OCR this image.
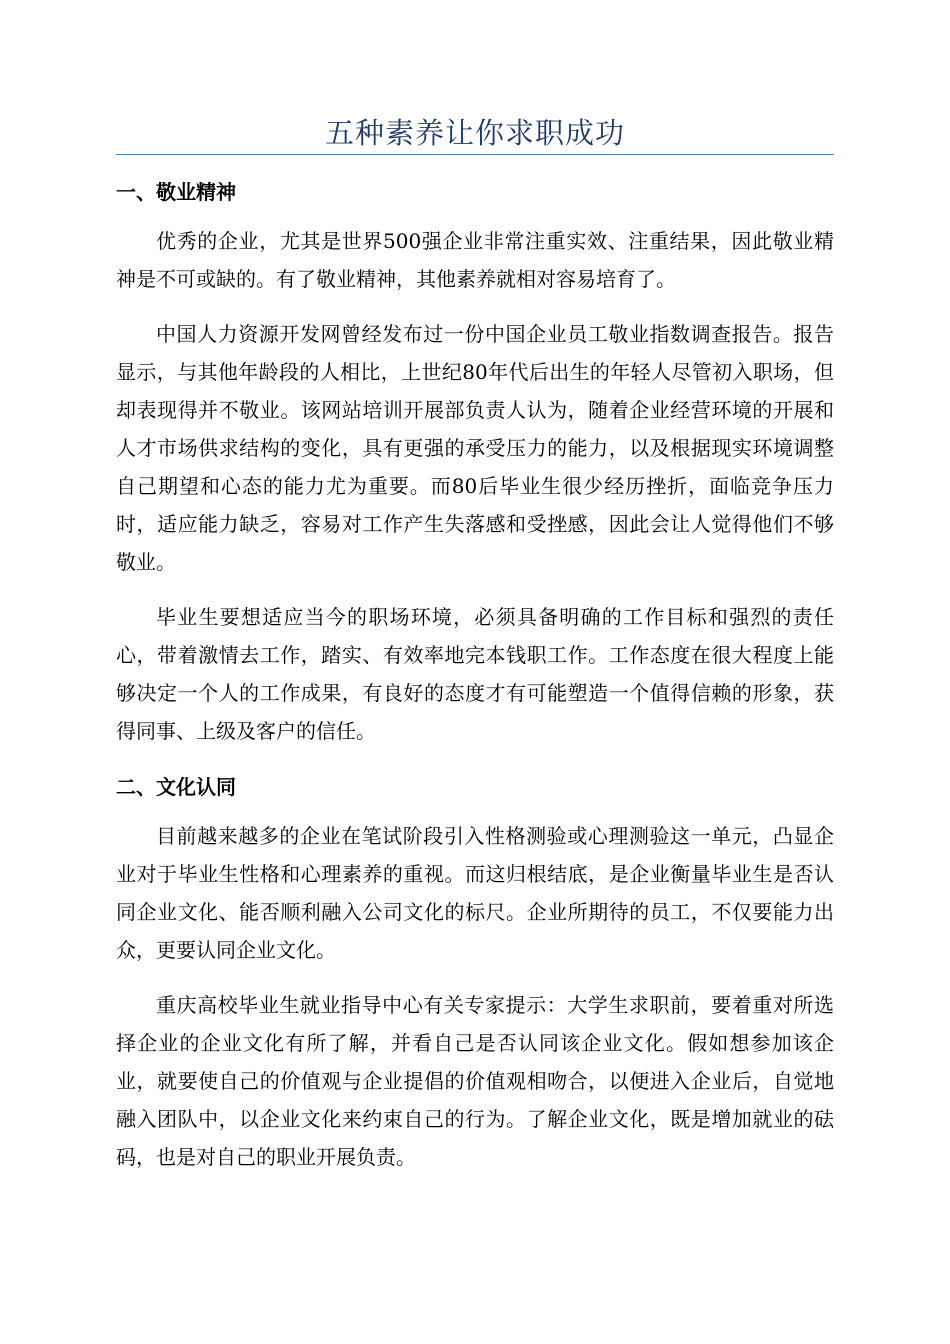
五种素养让你求职成功
一、敬业精神

优秀的企业，尤其是世界500强企业非常注重实效、注重结果，因此敬业精神是不可或缺的。有了敬业精神，其他素养就相对容易培育了。

中国人力资源开发网曾经发布过一份中国企业员工敬业指数调查报告。报告显示，与其他年龄段的人相比，上世纪80年代后出生的年轻人尽管初入职场，但却表现得并不敬业。该网站培训开展部负责人认为，随着企业经营环境的开展和人才市场供求结构的变化，具有更强的承受压力的能力，以及根据现实环境调整自己期望和心态的能力尤为重要。而80后毕业生很少经历挫折，面临竞争压力时，适应能力缺乏，容易对工作产生失落感和受挫感，因此会让人觉得他们不够敬业。

毕业生要想适应当今的职场环境，必须具备明确的工作目标和强烈的责任心，带着激情去工作，踏实、有效率地完本钱职工作。工作态度在很大程度上能够决定一个人的工作成果，有良好的态度才有可能塑造一个值得信赖的形象，获得同事、上级及客户的信任。

二、文化认同

目前越来越多的企业在笔试阶段引入性格测验或心理测验这一单元，凸显企业对于毕业生性格和心理素养的重视。而这归根结底，是企业衡量毕业生是否认同企业文化、能否顺利融入公司文化的标尺。企业所期待的员工，不仅要能力出众，更要认同企业文化。

重庆高校毕业生就业指导中心有关专家提示：大学生求职前，要着重对所选择企业的企业文化有所了解，并看自己是否认同该企业文化。假如想参加该企业，就要使自己的价值观与企业提倡的价值观相吻合，以便进入企业后，自觉地融入团队中，以企业文化来约束自己的行为。了解企业文化，既是增加就业的砝码，也是对自己的职业开展负责。
